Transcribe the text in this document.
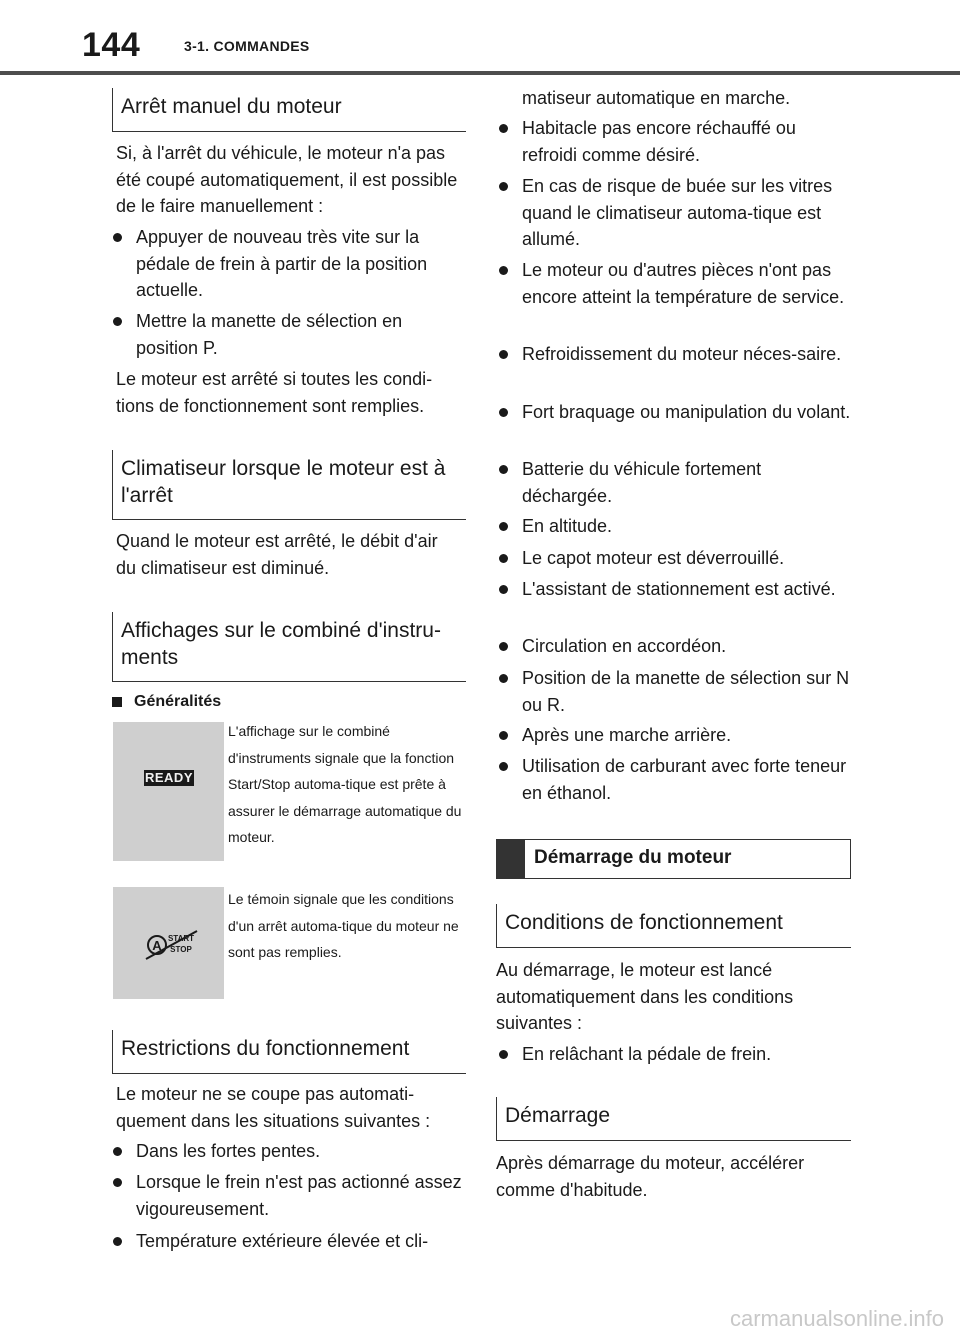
144	3-1. COMMANDES
Arrêt manuel du moteur

Si, à l'arrêt du véhicule, le moteur n'a pas été coupé automatiquement, il est possible de le faire manuellement :

Appuyer de nouveau très vite sur la pédale de frein à partir de la position actuelle.
Mettre la manette de sélection en position P.

Le moteur est arrêté si toutes les condi-tions de fonctionnement sont remplies.

Climatiseur lorsque le moteur est à l'arrêt

Quand le moteur est arrêté, le débit d'air du climatiseur est diminué.

Affichages sur le combiné d'instru-ments
Généralités
READY
L'affichage sur le combiné d'instruments signale que la fonction Start/Stop automa-tique est prête à assurer le démarrage automatique du moteur.
A START
STOP
Le témoin signale que les conditions d'un arrêt automa-tique du moteur ne sont pas remplies.
Restrictions du fonctionnement

Le moteur ne se coupe pas automati-quement dans les situations suivantes :

Dans les fortes pentes.
Lorsque le frein n'est pas actionné assez vigoureusement.
Température extérieure élevée et cli-
matiseur automatique en marche.
Habitacle pas encore réchauffé ou refroidi comme désiré.
En cas de risque de buée sur les vitres quand le climatiseur automa-tique est allumé.
Le moteur ou d'autres pièces n'ont pas encore atteint la température de service.
Refroidissement du moteur néces-saire.
Fort braquage ou manipulation du volant.
Batterie du véhicule fortement déchargée.
En altitude.
Le capot moteur est déverrouillé.
L'assistant de stationnement est activé.
Circulation en accordéon.
Position de la manette de sélection sur N ou R.
Après une marche arrière.
Utilisation de carburant avec forte teneur en éthanol.
Démarrage du moteur
Conditions de fonctionnement

Au démarrage, le moteur est lancé automatiquement dans les conditions suivantes :

En relâchant la pédale de frein.
Démarrage

Après démarrage du moteur, accélérer comme d'habitude.

carmanualsonline.info
